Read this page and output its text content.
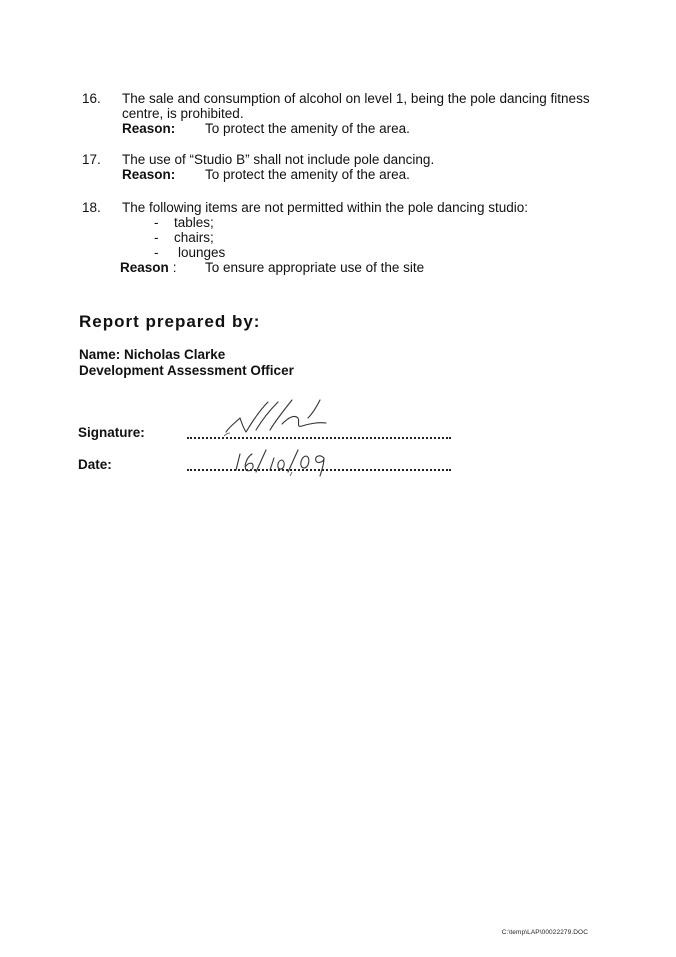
16. The sale and consumption of alcohol on level 1, being the pole dancing fitness
centre, is prohibited.
Reason: To protect the amenity of the area.
17. The use of “Studio B” shall not include pole dancing.
Reason: To protect the amenity of the area.
18. The following items are not permitted within the pole dancing studio:
- tables;
- chairs;
- lounges
Reason : To ensure appropriate use of the site
Report prepared by:
Name: Nicholas Clarke
Development Assessment Officer
Signature:
Date:
C:\temp\LAP\00022279.DOC
